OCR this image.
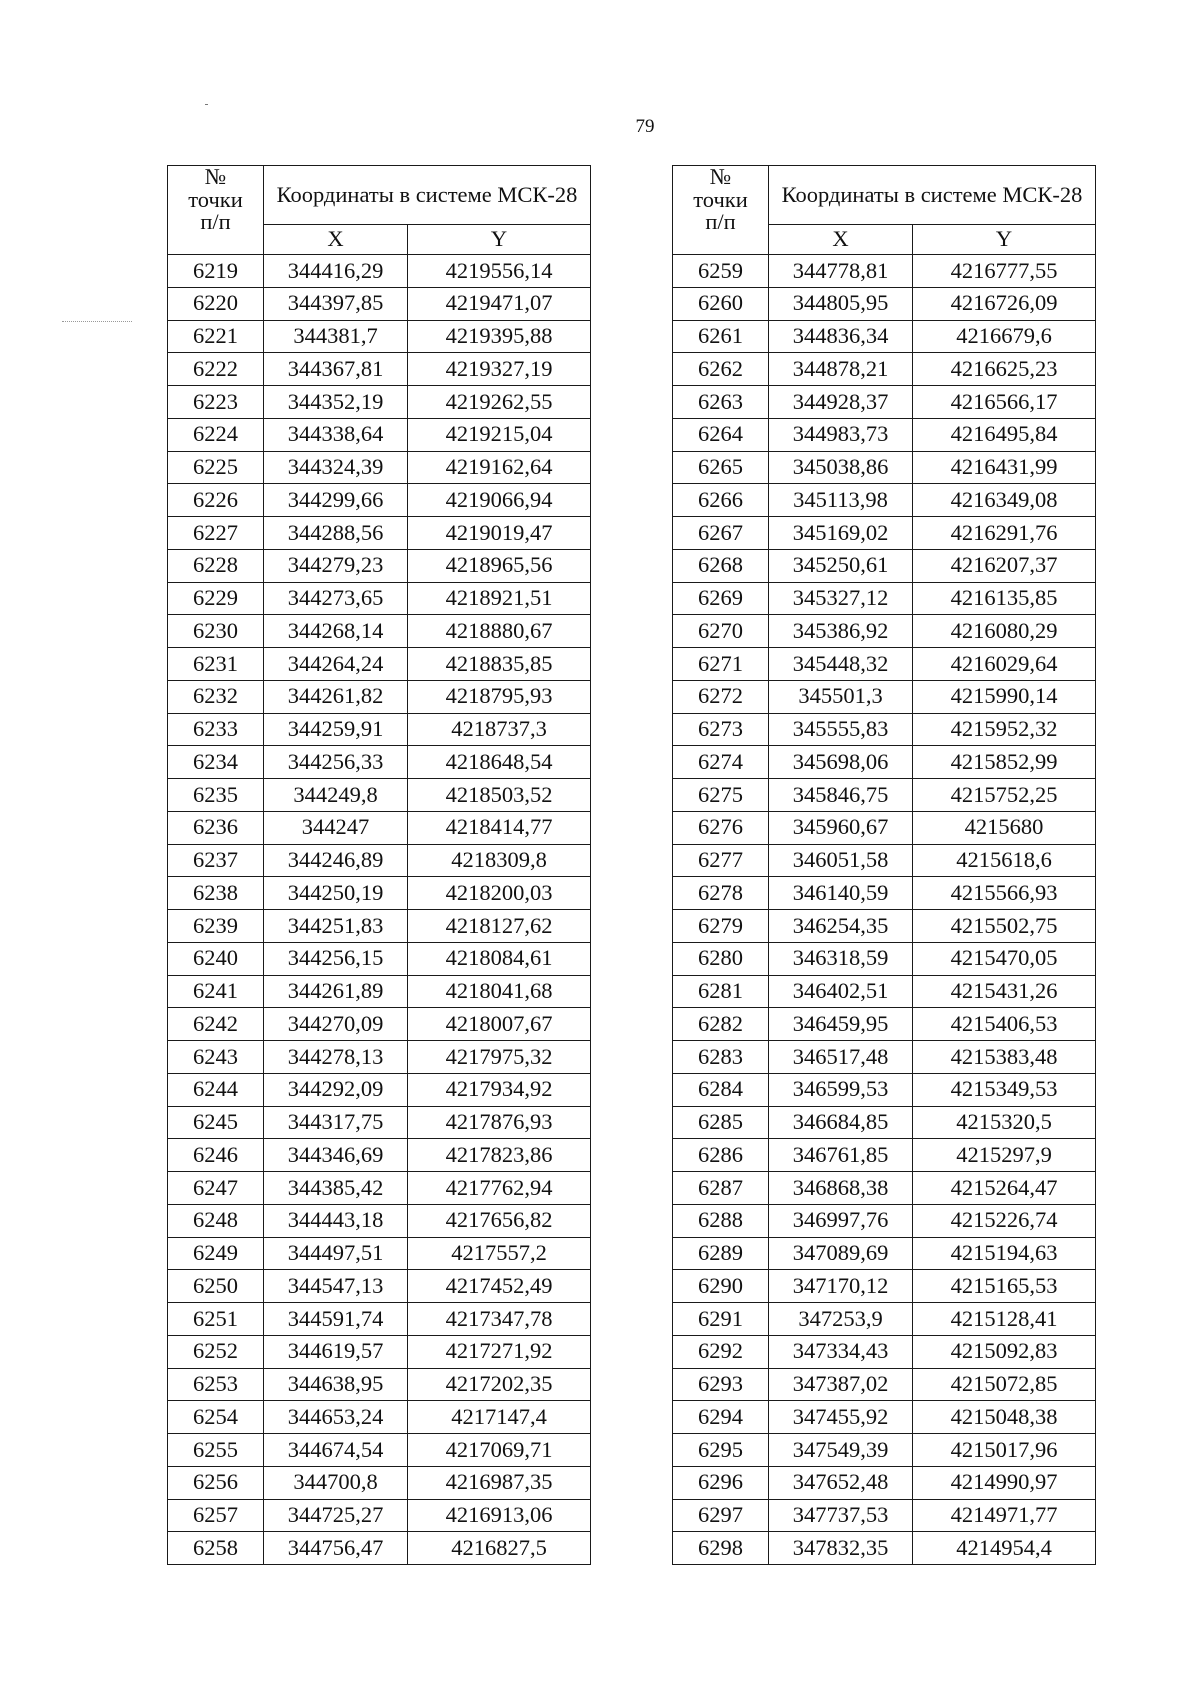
79
№
точки
п/п	Координаты в системе МСК-28	
	X	Y
6219	344416,29	4219556,14
6220	344397,85	4219471,07
6221	344381,7	4219395,88
6222	344367,81	4219327,19
6223	344352,19	4219262,55
6224	344338,64	4219215,04
6225	344324,39	4219162,64
6226	344299,66	4219066,94
6227	344288,56	4219019,47
6228	344279,23	4218965,56
6229	344273,65	4218921,51
6230	344268,14	4218880,67
6231	344264,24	4218835,85
6232	344261,82	4218795,93
6233	344259,91	4218737,3
6234	344256,33	4218648,54
6235	344249,8	4218503,52
6236	344247	4218414,77
6237	344246,89	4218309,8
6238	344250,19	4218200,03
6239	344251,83	4218127,62
6240	344256,15	4218084,61
6241	344261,89	4218041,68
6242	344270,09	4218007,67
6243	344278,13	4217975,32
6244	344292,09	4217934,92
6245	344317,75	4217876,93
6246	344346,69	4217823,86
6247	344385,42	4217762,94
6248	344443,18	4217656,82
6249	344497,51	4217557,2
6250	344547,13	4217452,49
6251	344591,74	4217347,78
6252	344619,57	4217271,92
6253	344638,95	4217202,35
6254	344653,24	4217147,4
6255	344674,54	4217069,71
6256	344700,8	4216987,35
6257	344725,27	4216913,06
6258	344756,47	4216827,5
№
точки
п/п	Координаты в системе МСК-28	
	X	Y
6259	344778,81	4216777,55
6260	344805,95	4216726,09
6261	344836,34	4216679,6
6262	344878,21	4216625,23
6263	344928,37	4216566,17
6264	344983,73	4216495,84
6265	345038,86	4216431,99
6266	345113,98	4216349,08
6267	345169,02	4216291,76
6268	345250,61	4216207,37
6269	345327,12	4216135,85
6270	345386,92	4216080,29
6271	345448,32	4216029,64
6272	345501,3	4215990,14
6273	345555,83	4215952,32
6274	345698,06	4215852,99
6275	345846,75	4215752,25
6276	345960,67	4215680
6277	346051,58	4215618,6
6278	346140,59	4215566,93
6279	346254,35	4215502,75
6280	346318,59	4215470,05
6281	346402,51	4215431,26
6282	346459,95	4215406,53
6283	346517,48	4215383,48
6284	346599,53	4215349,53
6285	346684,85	4215320,5
6286	346761,85	4215297,9
6287	346868,38	4215264,47
6288	346997,76	4215226,74
6289	347089,69	4215194,63
6290	347170,12	4215165,53
6291	347253,9	4215128,41
6292	347334,43	4215092,83
6293	347387,02	4215072,85
6294	347455,92	4215048,38
6295	347549,39	4215017,96
6296	347652,48	4214990,97
6297	347737,53	4214971,77
6298	347832,35	4214954,4
